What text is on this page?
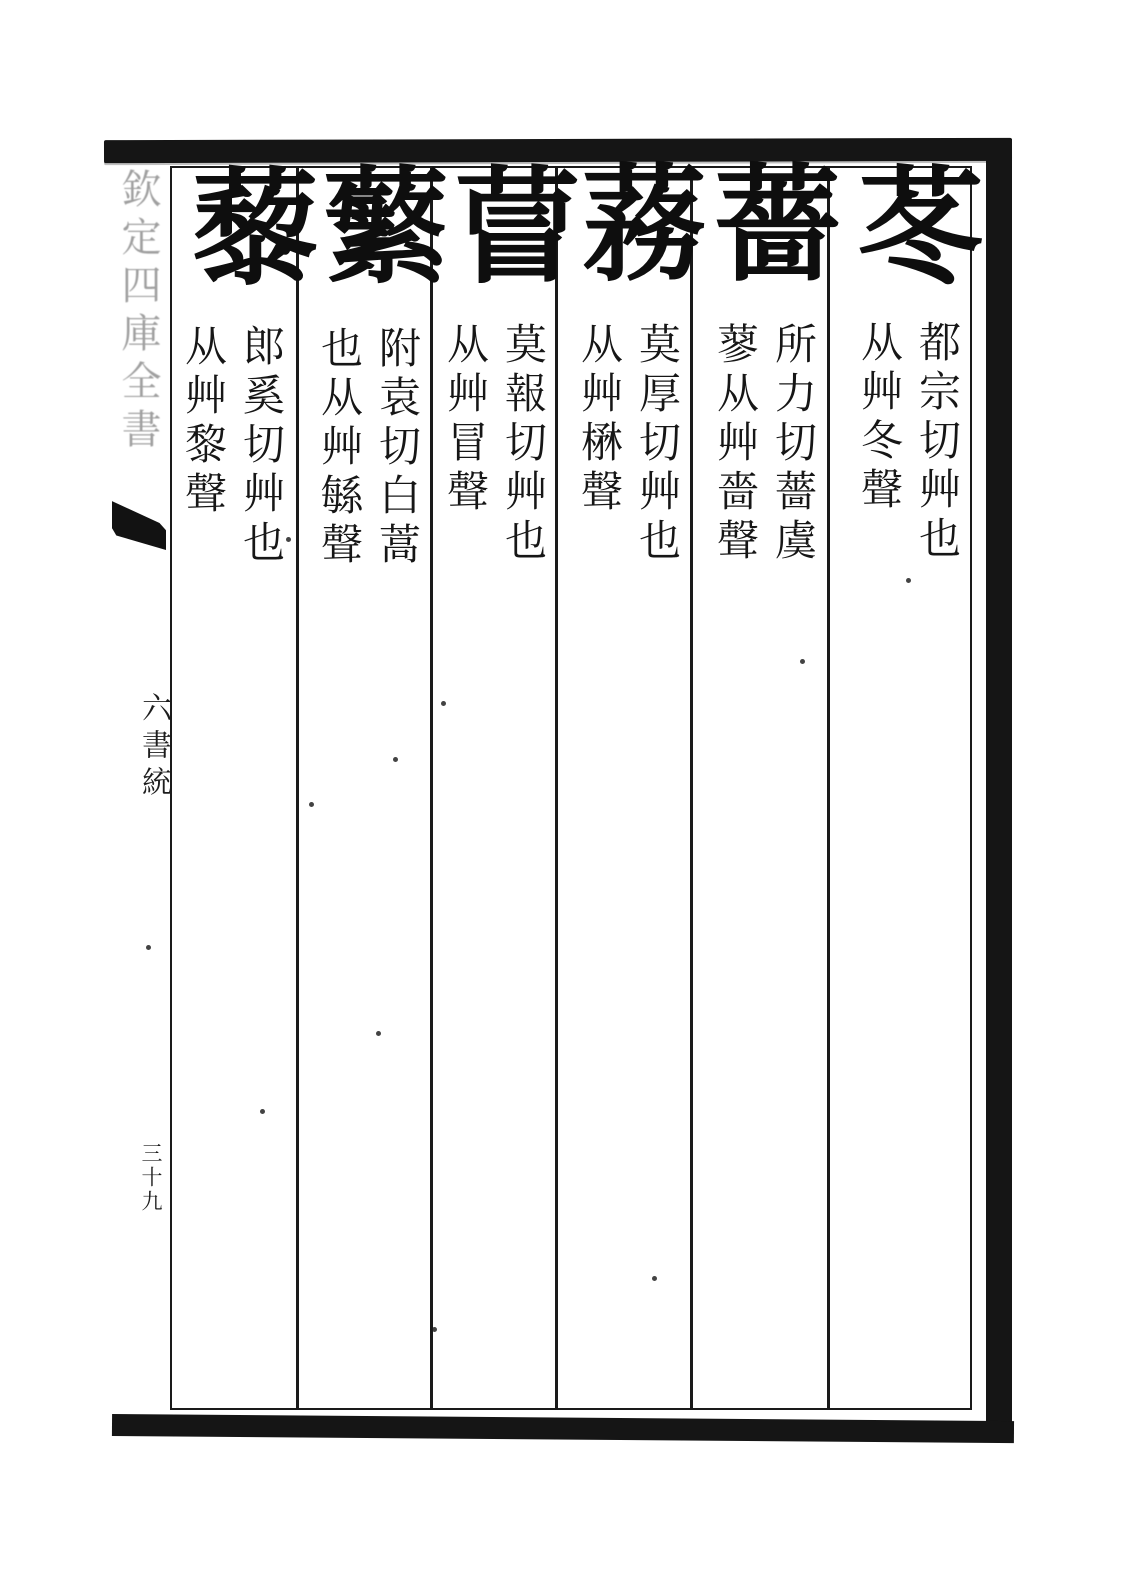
苳
都宗切艸也
从艸冬聲
薔
所力切薔虞
蓼从艸嗇聲
蓩
莫厚切艸也
从艸楙聲
萺
莫報切艸也
从艸冒聲
蘩
附袁切白蒿
也从艸緐聲
藜
郎奚切艸也
从艸黎聲
欽定四庫全書
六書統
三十九
